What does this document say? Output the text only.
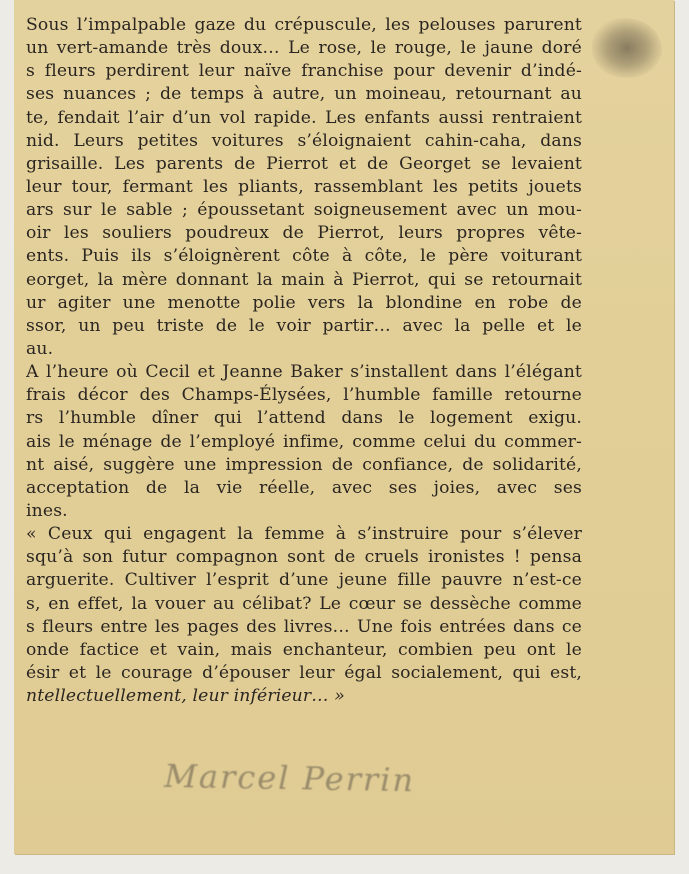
Sous l’impalpable gaze du crépuscule, les pelouses parurent
un vert-amande très doux… Le rose, le rouge, le jaune doré
s fleurs perdirent leur naïve franchise pour devenir d’indé-
ses nuances ; de temps à autre, un moineau, retournant au
te, fendait l’air d’un vol rapide. Les enfants aussi rentraient
nid. Leurs petites voitures s’éloignaient cahin-caha, dans
grisaille. Les parents de Pierrot et de Georget se levaient
leur tour, fermant les pliants, rassemblant les petits jouets
ars sur le sable ; époussetant soigneusement avec un mou-
oir les souliers poudreux de Pierrot, leurs propres vête-
ents. Puis ils s’éloignèrent côte à côte, le père voiturant
eorget, la mère donnant la main à Pierrot, qui se retournait
ur agiter une menotte polie vers la blondine en robe de
ssor, un peu triste de le voir partir… avec la pelle et le
au.
A l’heure où Cecil et Jeanne Baker s’installent dans l’élégant
frais décor des Champs-Élysées, l’humble famille retourne
rs l’humble dîner qui l’attend dans le logement exigu.
ais le ménage de l’employé infime, comme celui du commer-
nt aisé, suggère une impression de confiance, de solidarité,
acceptation de la vie réelle, avec ses joies, avec ses
ines.
« Ceux qui engagent la femme à s’instruire pour s’élever
squ’à son futur compagnon sont de cruels ironistes ! pensa
arguerite. Cultiver l’esprit d’une jeune fille pauvre n’est-ce
s, en effet, la vouer au célibat? Le cœur se dessèche comme
s fleurs entre les pages des livres… Une fois entrées dans ce
onde factice et vain, mais enchanteur, combien peu ont le
ésir et le courage d’épouser leur égal socialement, qui est,
ntellectuellement, leur inférieur… »
Marcel Perrin
